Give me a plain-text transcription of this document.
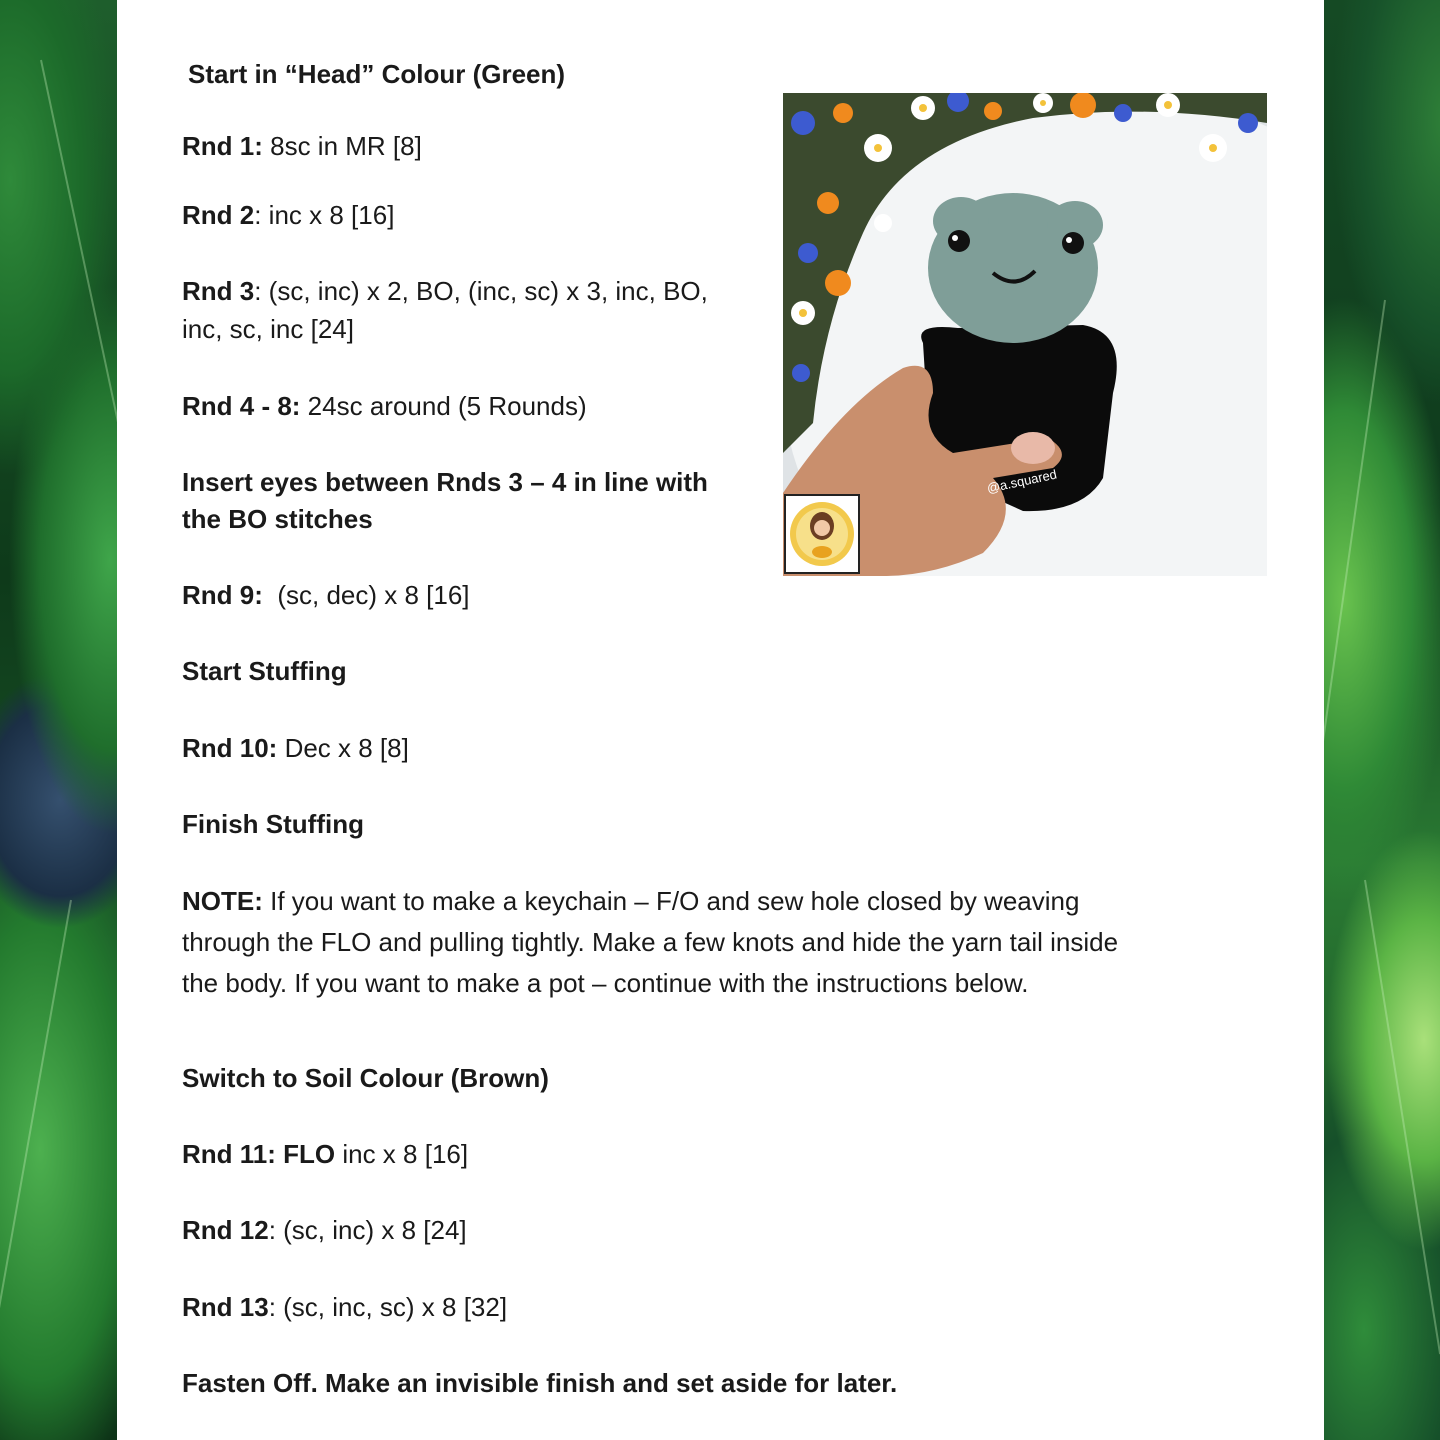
Start in “Head” Colour (Green)
Rnd 1: 8sc in MR [8]
Rnd 2: inc x 8 [16]
Rnd 3: (sc, inc) x 2, BO, (inc, sc) x 3, inc, BO,
inc, sc, inc [24]
Rnd 4 - 8: 24sc around (5 Rounds)
Insert eyes between Rnds 3 – 4 in line with
the BO stitches
Rnd 9:  (sc, dec) x 8 [16]
Start Stuffing
Rnd 10: Dec x 8 [8]
Finish Stuffing
NOTE: If you want to make a keychain – F/O and sew hole closed by weaving
through the FLO and pulling tightly. Make a few knots and hide the yarn tail inside
the body. If you want to make a pot – continue with the instructions below.
Switch to Soil Colour (Brown)
Rnd 11: FLO inc x 8 [16]
Rnd 12: (sc, inc) x 8 [24]
Rnd 13: (sc, inc, sc) x 8 [32]
Fasten Off. Make an invisible finish and set aside for later.
@a.squared
